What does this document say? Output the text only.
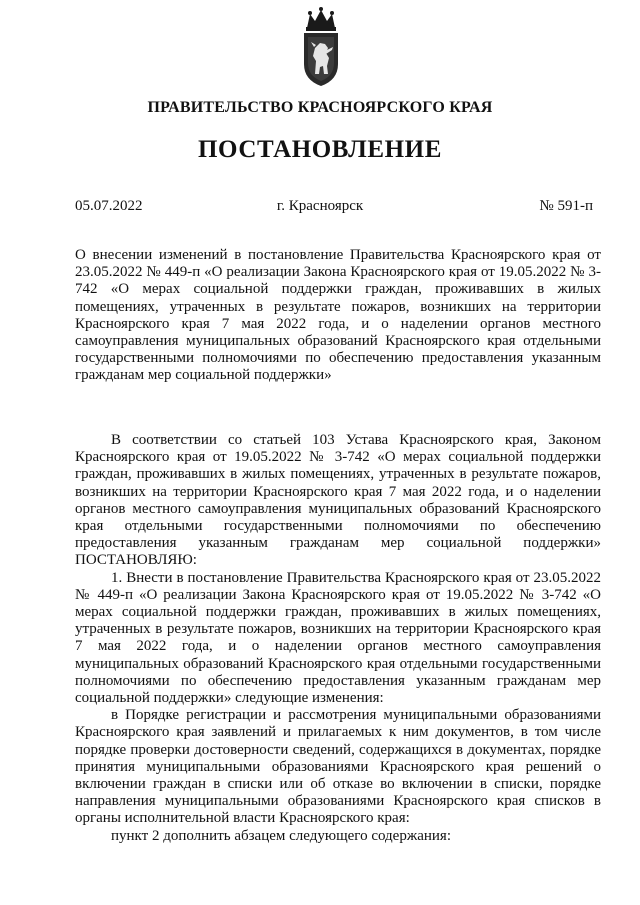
ПРАВИТЕЛЬСТВО КРАСНОЯРСКОГО КРАЯ
ПОСТАНОВЛЕНИЕ
05.07.2022	г. Красноярск	№ 591-п

О внесении изменений в постановление Правительства Красноярского края от 23.05.2022 № 449-п «О реализации Закона Красноярского края от 19.05.2022 № 3-742 «О мерах социальной поддержки граждан, проживавших в жилых помещениях, утраченных в результате пожаров, возникших на территории Красноярского края 7 мая 2022 года, и о наделении органов местного самоуправления муниципальных образований Красноярского края отдельными государственными полномочиями по обеспечению предоставления указанным гражданам мер социальной поддержки»

В соответствии со статьей 103 Устава Красноярского края, Законом Красноярского края от 19.05.2022 № 3-742 «О мерах социальной поддержки граждан, проживавших в жилых помещениях, утраченных в результате пожаров, возникших на территории Красноярского края 7 мая 2022 года, и о наделении органов местного самоуправления муниципальных образований Красноярского края отдельными государственными полномочиями по обеспечению предоставления указанным гражданам мер социальной поддержки» ПОСТАНОВЛЯЮ:

1. Внести в постановление Правительства Красноярского края от 23.05.2022 № 449-п «О реализации Закона Красноярского края от 19.05.2022 № 3-742 «О мерах социальной поддержки граждан, проживавших в жилых помещениях, утраченных в результате пожаров, возникших на территории Красноярского края 7 мая 2022 года, и о наделении органов местного самоуправления муниципальных образований Красноярского края отдельными государственными полномочиями по обеспечению предоставления указанным гражданам мер социальной поддержки» следующие изменения:

в Порядке регистрации и рассмотрения муниципальными образованиями Красноярского края заявлений и прилагаемых к ним документов, в том числе порядке проверки достоверности сведений, содержащихся в документах, порядке принятия муниципальными образованиями Красноярского края решений о включении граждан в списки или об отказе во включении в списки, порядке направления муниципальными образованиями Красноярского края списков в органы исполнительной власти Красноярского края:

пункт 2 дополнить абзацем следующего содержания:
